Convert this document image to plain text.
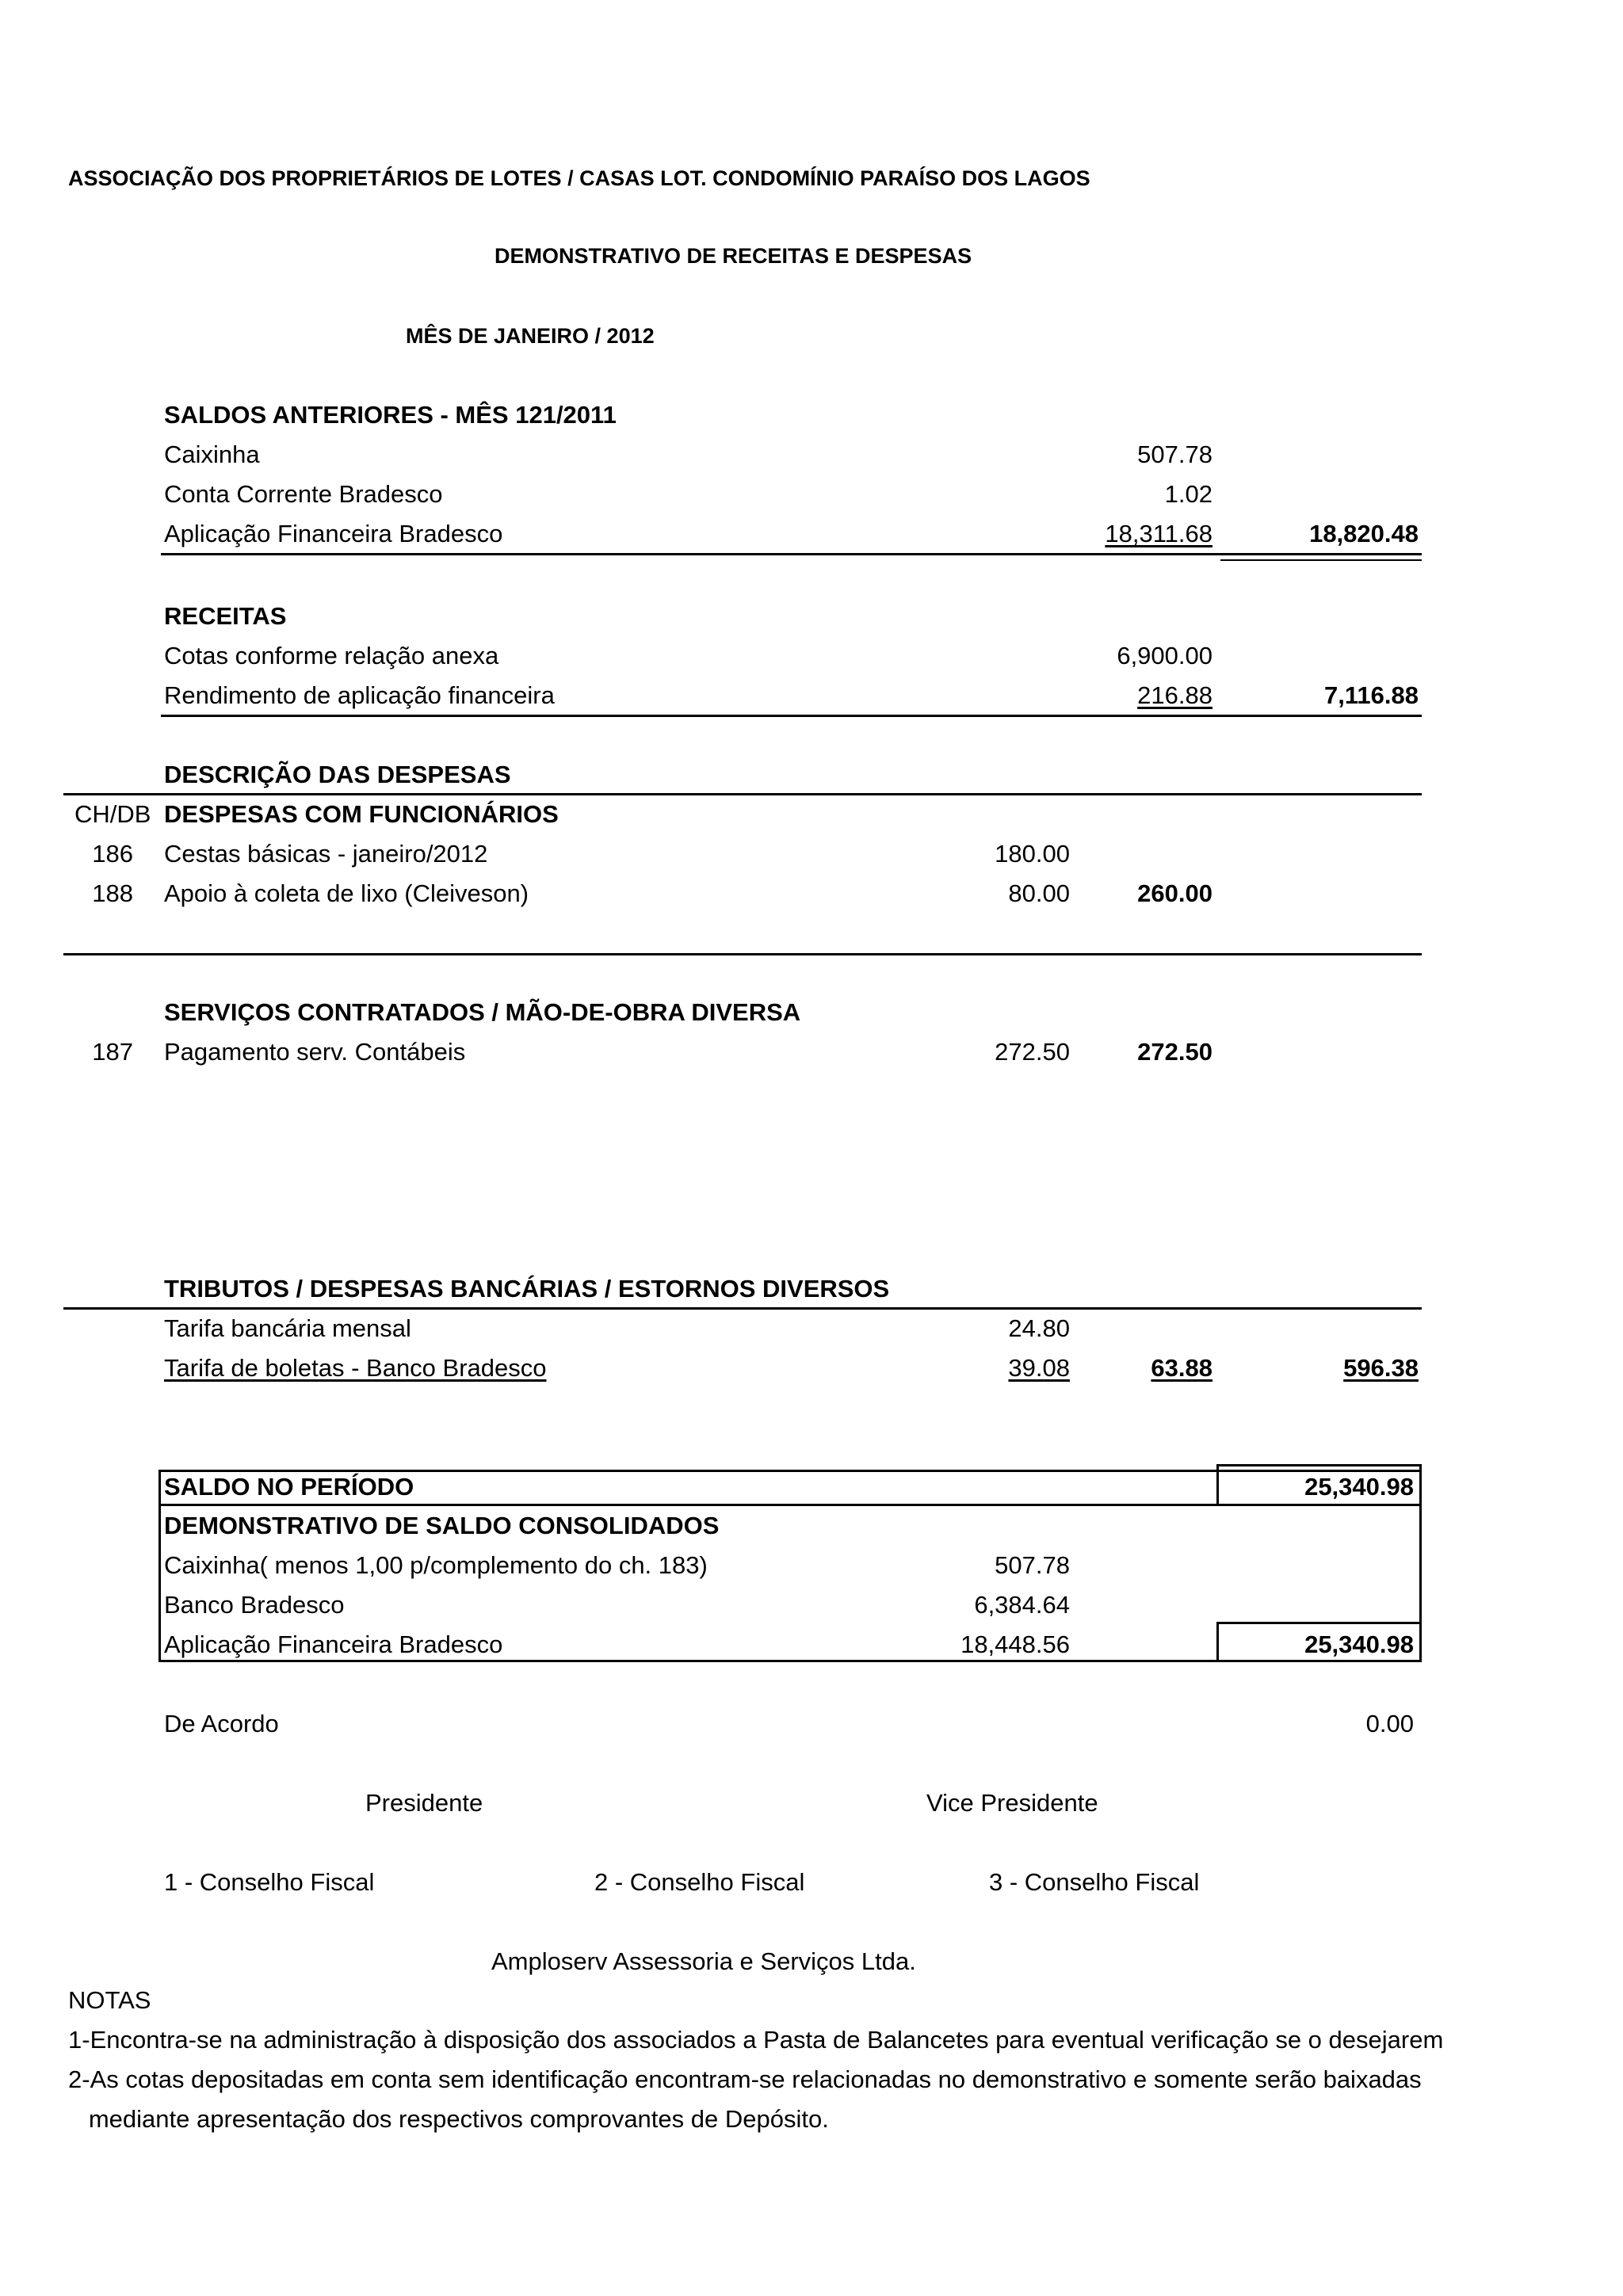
ASSOCIAÇÃO DOS PROPRIETÁRIOS DE LOTES / CASAS LOT. CONDOMÍNIO PARAÍSO DOS LAGOS
DEMONSTRATIVO DE RECEITAS E DESPESAS
MÊS DE JANEIRO / 2012
SALDOS ANTERIORES - MÊS 121/2011
Caixinha	507.78
Conta Corrente Bradesco	1.02
Aplicação Financeira Bradesco	18,311.68	18,820.48
RECEITAS
Cotas conforme relação anexa	6,900.00
Rendimento de aplicação financeira	216.88	7,116.88
DESCRIÇÃO DAS DESPESAS
CH/DB DESPESAS COM FUNCIONÁRIOS
186 Cestas básicas - janeiro/2012	180.00
188 Apoio à coleta de lixo (Cleiveson)	80.00	260.00
SERVIÇOS CONTRATADOS / MÃO-DE-OBRA DIVERSA
187 Pagamento serv. Contábeis	272.50	272.50
TRIBUTOS / DESPESAS BANCÁRIAS / ESTORNOS DIVERSOS
Tarifa bancária mensal	24.80
Tarifa de boletas - Banco Bradesco	39.08	63.88	596.38
SALDO NO PERÍODO	25,340.98
DEMONSTRATIVO DE SALDO CONSOLIDADOS
Caixinha( menos 1,00 p/complemento do ch. 183)	507.78
Banco Bradesco	6,384.64
Aplicação Financeira Bradesco	18,448.56	25,340.98
De Acordo	0.00
Presidente	Vice Presidente
1 - Conselho Fiscal	2 - Conselho Fiscal	3 - Conselho Fiscal
Amploserv Assessoria e Serviços Ltda.
NOTAS
1-Encontra-se na administração à disposição dos associados a Pasta de Balancetes para eventual verificação se o desejarem
2-As cotas depositadas em conta sem identificação encontram-se relacionadas no demonstrativo e somente serão baixadas
mediante apresentação dos respectivos comprovantes de Depósito.
